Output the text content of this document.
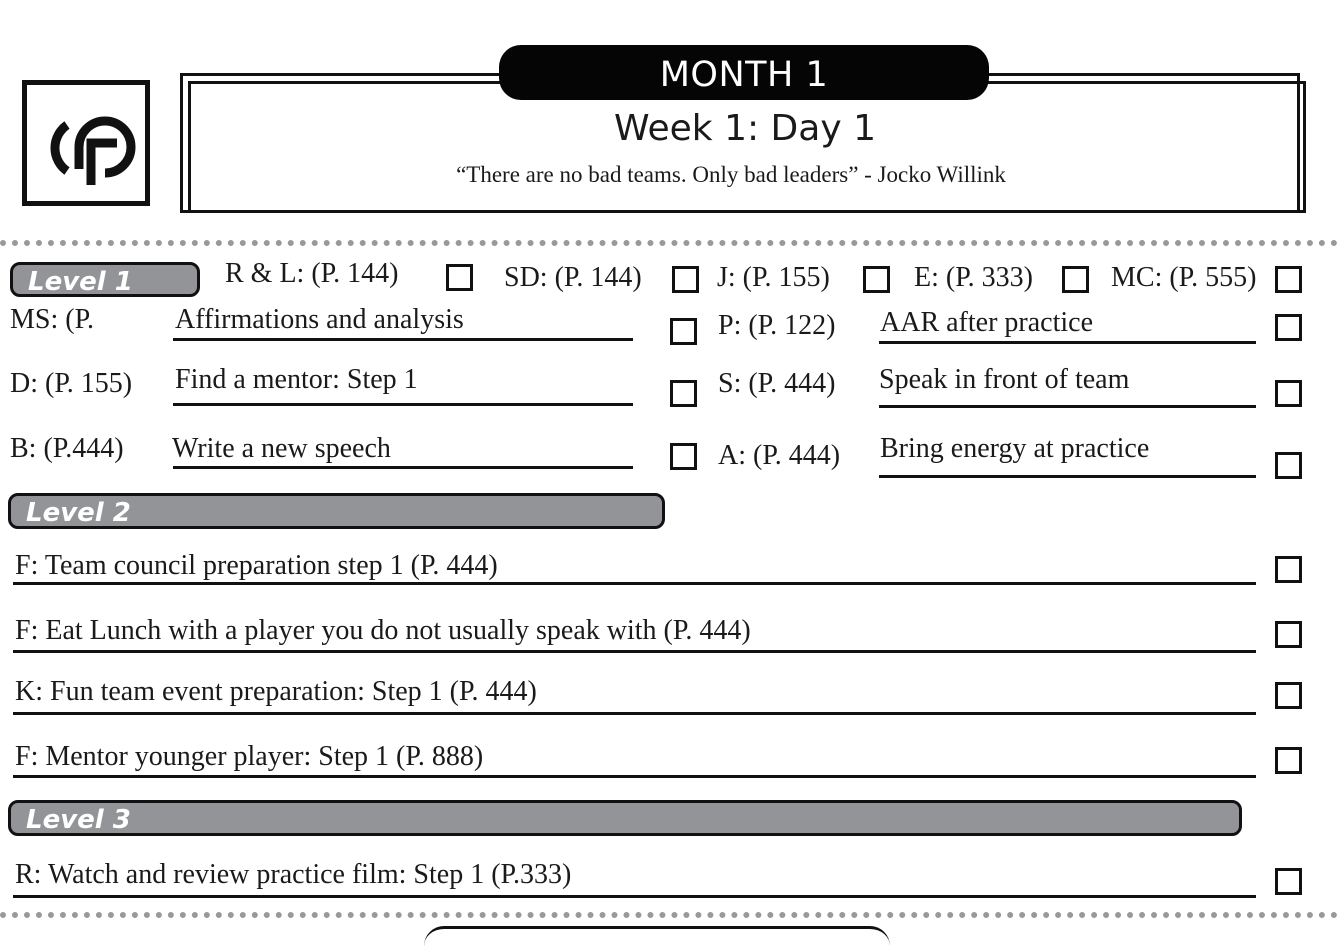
MONTH 1
Week 1: Day 1
“There are no bad teams. Only bad leaders” - Jocko Willink
Level 1	R & L: (P. 144)	SD: (P. 144)	J: (P. 155)	E: (P. 333)	MC: (P. 555)
MS: (P.	Affirmations and analysis	P: (P. 122) AAR after practice
D: (P. 155) Find a mentor: Step 1	S: (P. 444) Speak in front of team
B: (P.444) Write a new speech	A: (P. 444) Bring energy at practice
Level 2
F: Team council preparation step 1 (P. 444)
F: Eat Lunch with a player you do not usually speak with (P. 444)
K: Fun team event preparation: Step 1 (P. 444)
F: Mentor younger player: Step 1 (P. 888)
Level 3
R: Watch and review practice film: Step 1 (P.333)
